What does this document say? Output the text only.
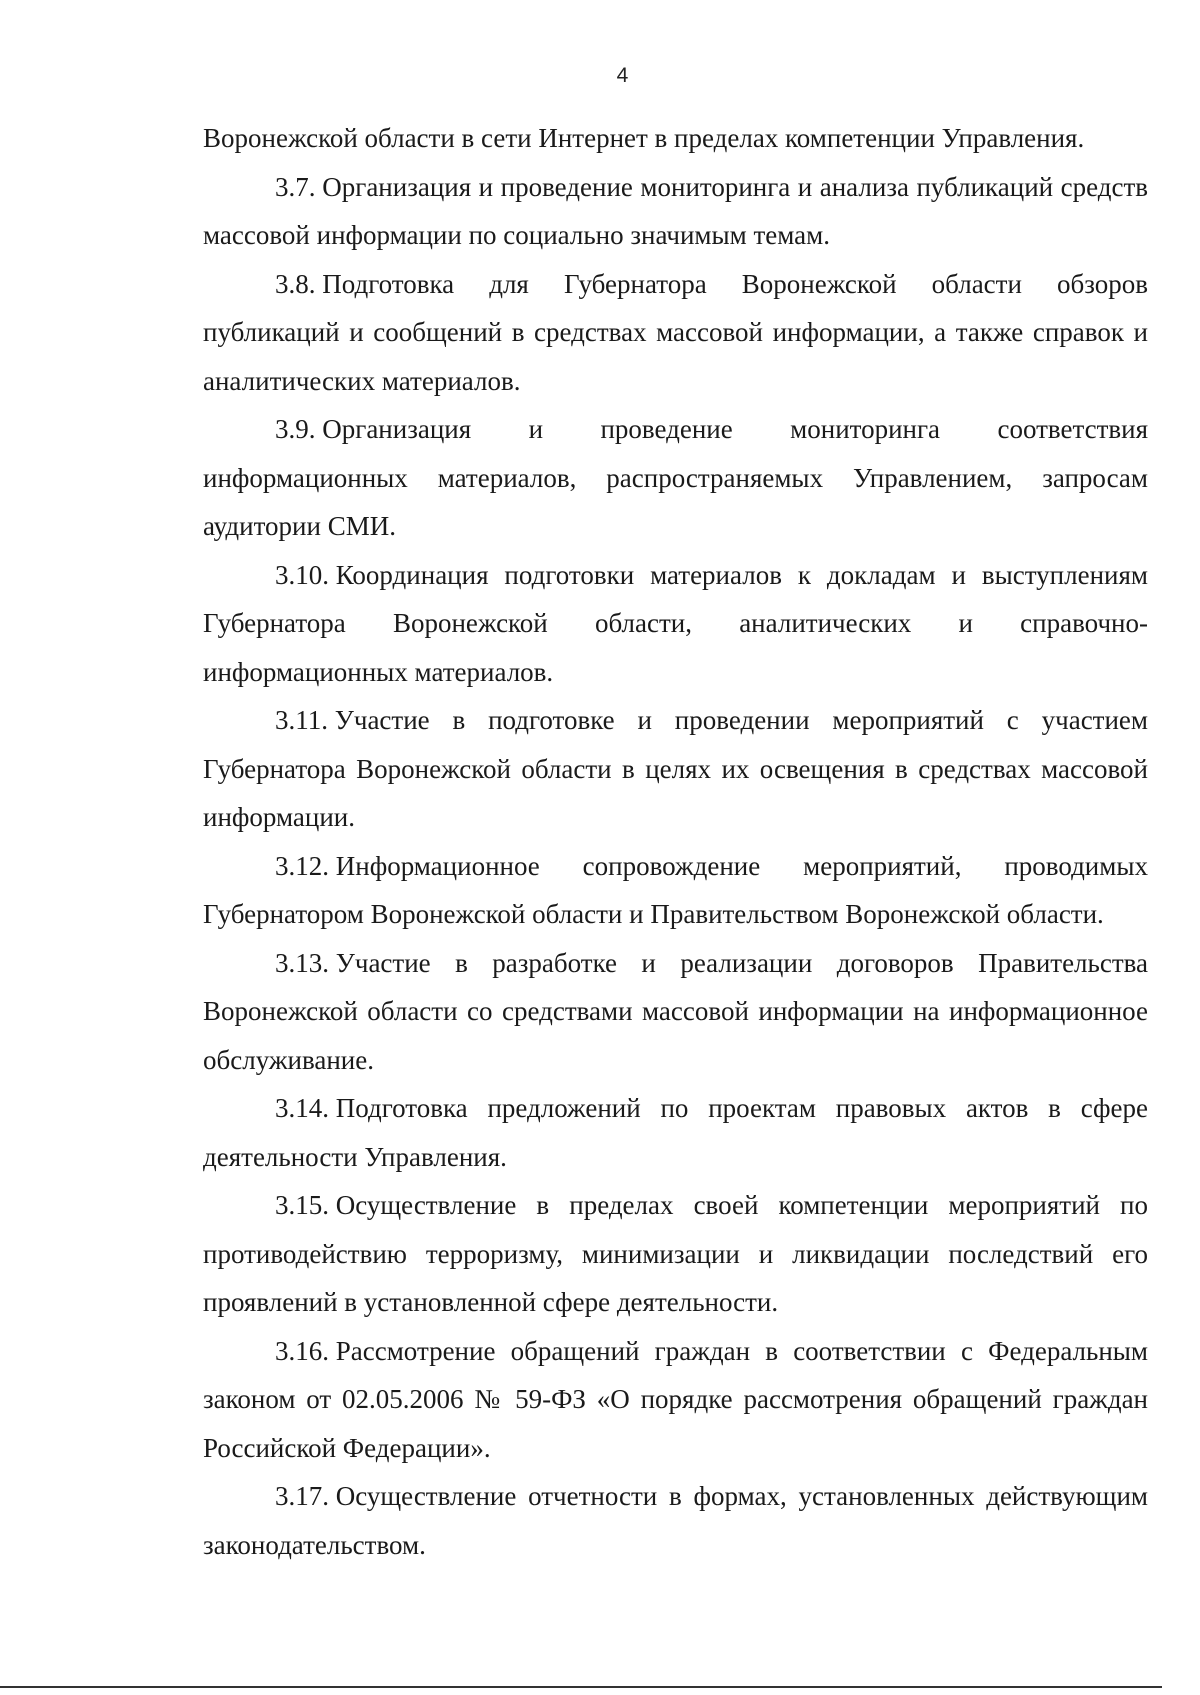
4

Воронежской области в сети Интернет в пределах компетенции Управления.

3.7. Организация и проведение мониторинга и анализа публикаций средств массовой информации по социально значимым темам.

3.8. Подготовка для Губернатора Воронежской области обзоров публикаций и сообщений в средствах массовой информации, а также справок и аналитических материалов.

3.9. Организация и проведение мониторинга соответствия информационных материалов, распространяемых Управлением, запросам аудитории СМИ.

3.10. Координация подготовки материалов к докладам и выступлениям Губернатора Воронежской области, аналитических и справочно-информационных материалов.

3.11. Участие в подготовке и проведении мероприятий с участием Губернатора Воронежской области в целях их освещения в средствах массовой информации.

3.12. Информационное сопровождение мероприятий, проводимых Губернатором Воронежской области и Правительством Воронежской области.

3.13. Участие в разработке и реализации договоров Правительства Воронежской области со средствами массовой информации на информационное обслуживание.

3.14. Подготовка предложений по проектам правовых актов в сфере деятельности Управления.

3.15. Осуществление в пределах своей компетенции мероприятий по противодействию терроризму, минимизации и ликвидации последствий его проявлений в установленной сфере деятельности.

3.16. Рассмотрение обращений граждан в соответствии с Федеральным законом от 02.05.2006 № 59-ФЗ «О порядке рассмотрения обращений граждан Российской Федерации».

3.17. Осуществление отчетности в формах, установленных действующим законодательством.
